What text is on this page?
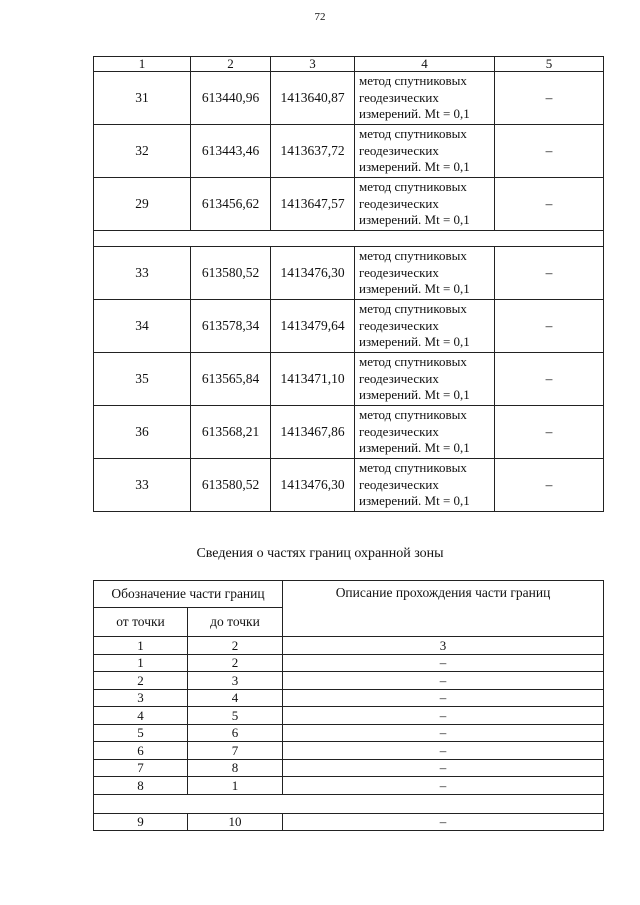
72
1	2	3	4	5
31	613440,96	1413640,87	метод спутниковых
геодезических
измерений. Mt = 0,1	–
32	613443,46	1413637,72	метод спутниковых
геодезических
измерений. Mt = 0,1	–
29	613456,62	1413647,57	метод спутниковых
геодезических
измерений. Mt = 0,1	–

33	613580,52	1413476,30	метод спутниковых
геодезических
измерений. Mt = 0,1	–
34	613578,34	1413479,64	метод спутниковых
геодезических
измерений. Mt = 0,1	–
35	613565,84	1413471,10	метод спутниковых
геодезических
измерений. Mt = 0,1	–
36	613568,21	1413467,86	метод спутниковых
геодезических
измерений. Mt = 0,1	–
33	613580,52	1413476,30	метод спутниковых
геодезических
измерений. Mt = 0,1	–
Сведения о частях границ охранной зоны
Обозначение части границ		Описание прохождения части границ
от точки	до точки	
1	2	3
1	2	–
2	3	–
3	4	–
4	5	–
5	6	–
6	7	–
7	8	–
8	1	–

9	10	–
